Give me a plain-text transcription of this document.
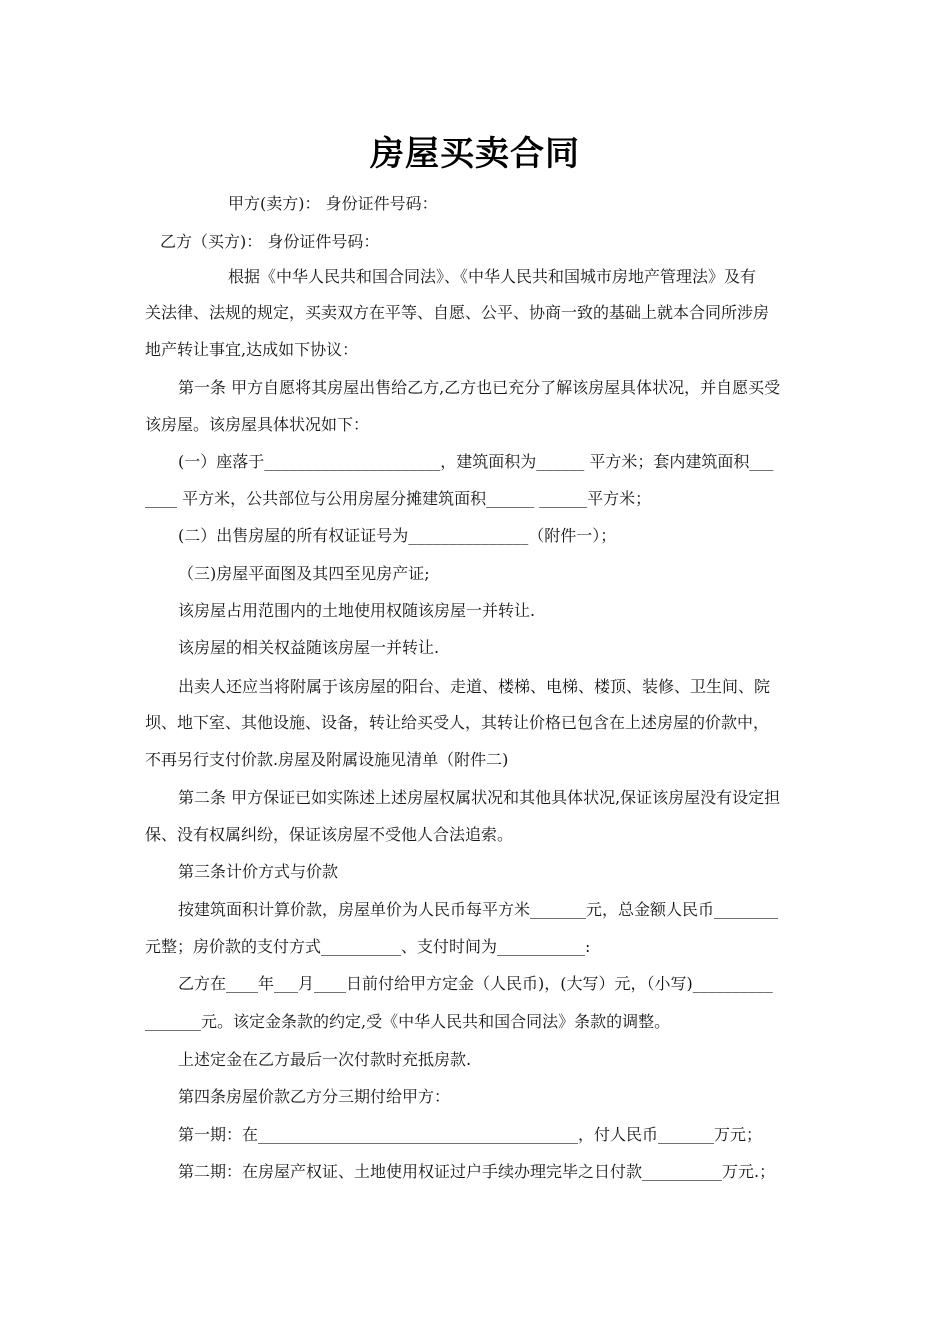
房屋买卖合同
甲方(卖方)： 身份证件号码：
乙方（买方)： 身份证件号码：
根据《中华人民共和国合同法》、《中华人民共和国城市房地产管理法》及有
关法律、法规的规定，买卖双方在平等、自愿、公平、协商一致的基础上就本合同所涉房
地产转让事宜,达成如下协议：
第一条 甲方自愿将其房屋出售给乙方,乙方也已充分了解该房屋具体状况，并自愿买受
该房屋。该房屋具体状况如下：
(一）座落于______________________，建筑面积为______ 平方米；套内建筑面积___
____ 平方米，公共部位与公用房屋分摊建筑面积______ ______平方米；
(二）出售房屋的所有权证证号为_______________（附件一）；
（三)房屋平面图及其四至见房产证;
该房屋占用范围内的土地使用权随该房屋一并转让.
该房屋的相关权益随该房屋一并转让.
出卖人还应当将附属于该房屋的阳台、走道、楼梯、电梯、楼顶、装修、卫生间、院
坝、地下室、其他设施、设备，转让给买受人，其转让价格已包含在上述房屋的价款中，
不再另行支付价款.房屋及附属设施见清单（附件二)
第二条 甲方保证已如实陈述上述房屋权属状况和其他具体状况,保证该房屋没有设定担
保、没有权属纠纷，保证该房屋不受他人合法追索。
第三条计价方式与价款
按建筑面积计算价款，房屋单价为人民币每平方米_______元，总金额人民币________
元整；房价款的支付方式__________、支付时间为___________:
乙方在____年___月____日前付给甲方定金（人民币)，(大写）元，（小写)__________
_______元。该定金条款的约定,受《中华人民共和国合同法》条款的调整。
上述定金在乙方最后一次付款时充抵房款.
第四条房屋价款乙方分三期付给甲方：
第一期：在________________________________________，付人民币_______万元；
第二期：在房屋产权证、土地使用权证过户手续办理完毕之日付款__________万元.；
